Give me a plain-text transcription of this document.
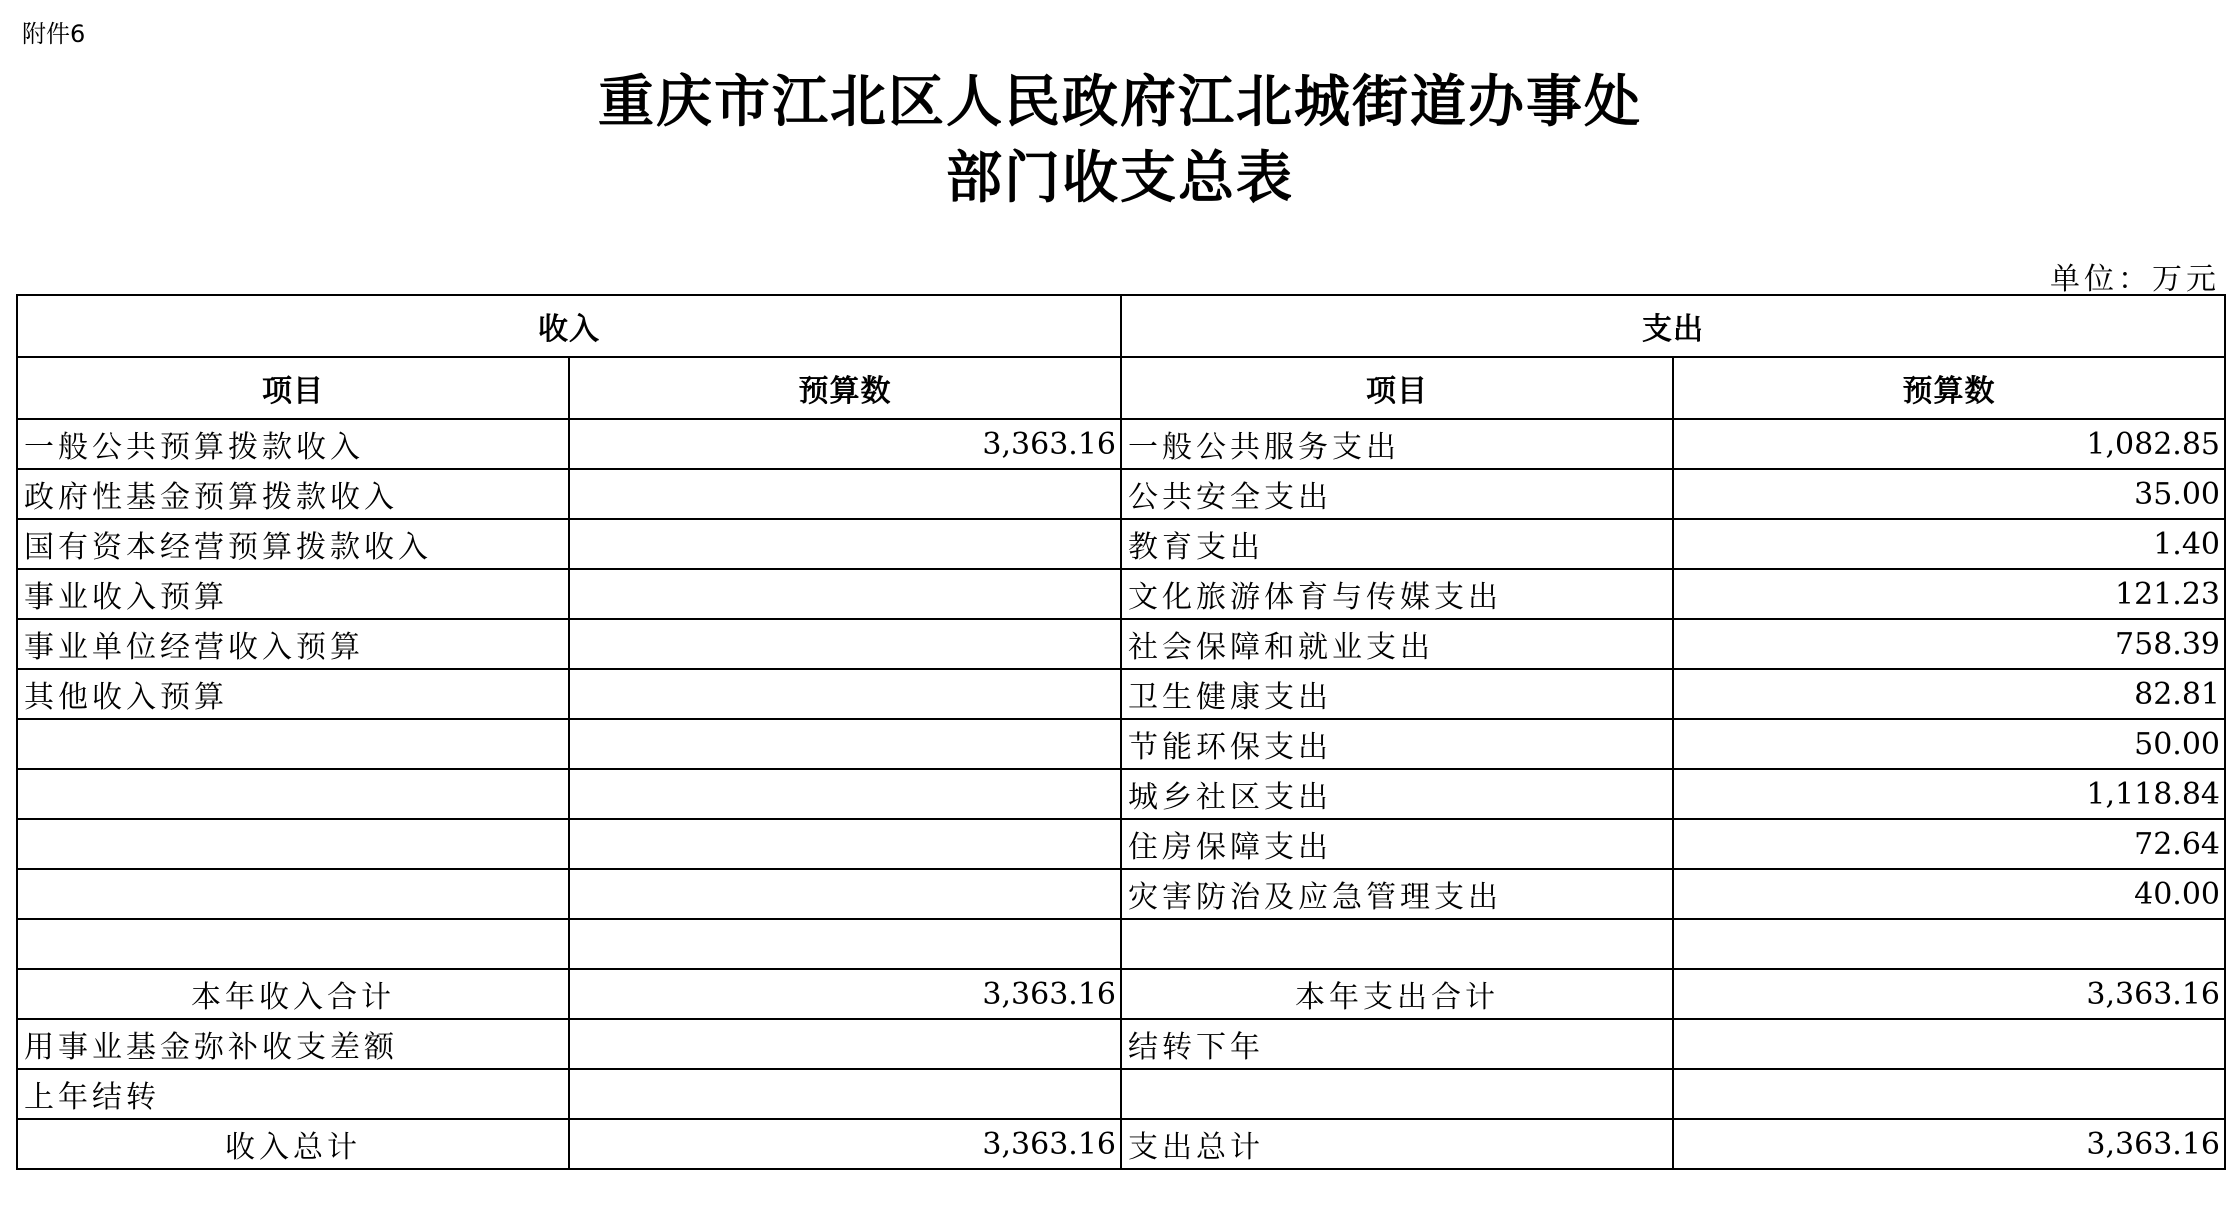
附件6
重庆市江北区人民政府江北城街道办事处
部门收支总表
单位：万元
收入		支出	
项目	预算数	项目	预算数
一般公共预算拨款收入	3,363.16	一般公共服务支出	1,082.85
政府性基金预算拨款收入		公共安全支出	35.00
国有资本经营预算拨款收入		教育支出	1.40
事业收入预算		文化旅游体育与传媒支出	121.23
事业单位经营收入预算		社会保障和就业支出	758.39
其他收入预算		卫生健康支出	82.81
		节能环保支出	50.00
		城乡社区支出	1,118.84
		住房保障支出	72.64
		灾害防治及应急管理支出	40.00

本年收入合计	3,363.16	本年支出合计	3,363.16
用事业基金弥补收支差额		结转下年	
上年结转			
收入总计	3,363.16	支出总计	3,363.16
